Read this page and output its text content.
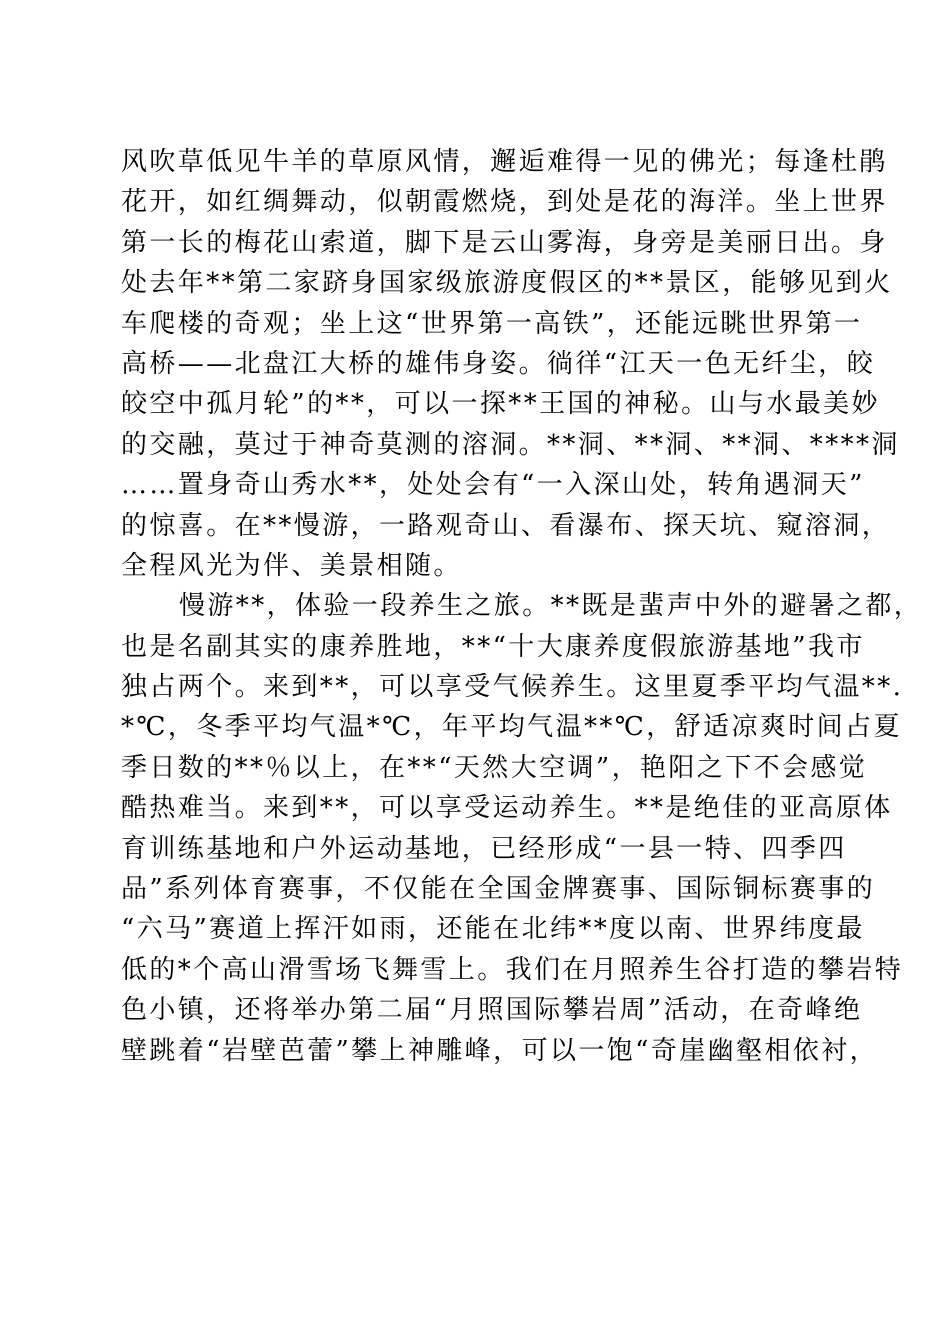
风吹草低见牛羊的草原风情，邂逅难得一见的佛光；每逢杜鹃
花开，如红绸舞动，似朝霞燃烧，到处是花的海洋。坐上世界
第一长的梅花山索道，脚下是云山雾海，身旁是美丽日出。身
处去年**第二家跻身国家级旅游度假区的**景区，能够见到火
车爬楼的奇观；坐上这“世界第一高铁”，还能远眺世界第一
高桥——北盘江大桥的雄伟身姿。徜徉“江天一色无纤尘，皎
皎空中孤月轮”的**，可以一探**王国的神秘。山与水最美妙
的交融，莫过于神奇莫测的溶洞。**洞、**洞、**洞、****洞
……置身奇山秀水**，处处会有“一入深山处，转角遇洞天”
的惊喜。在**慢游，一路观奇山、看瀑布、探天坑、窥溶洞，
全程风光为伴、美景相随。
慢游**，体验一段养生之旅。**既是蜚声中外的避暑之都，
也是名副其实的康养胜地，**“十大康养度假旅游基地”我市
独占两个。来到**，可以享受气候养生。这里夏季平均气温**.
*℃，冬季平均气温*℃，年平均气温**℃，舒适凉爽时间占夏
季日数的**％以上，在**“天然大空调”，艳阳之下不会感觉
酷热难当。来到**，可以享受运动养生。**是绝佳的亚高原体
育训练基地和户外运动基地，已经形成“一县一特、四季四
品”系列体育赛事，不仅能在全国金牌赛事、国际铜标赛事的
“六马”赛道上挥汗如雨，还能在北纬**度以南、世界纬度最
低的*个高山滑雪场飞舞雪上。我们在月照养生谷打造的攀岩特
色小镇，还将举办第二届“月照国际攀岩周”活动，在奇峰绝
壁跳着“岩壁芭蕾”攀上神雕峰，可以一饱“奇崖幽壑相依衬，
